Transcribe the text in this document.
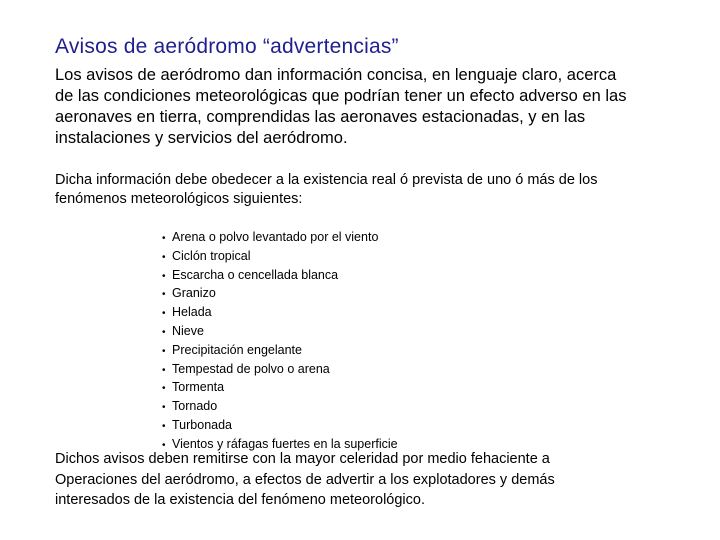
Avisos de aeródromo “advertencias”
Los avisos de aeródromo dan información concisa, en lenguaje claro, acerca
de las condiciones meteorológicas que podrían tener un efecto adverso en las
aeronaves en tierra, comprendidas las aeronaves estacionadas, y en las
instalaciones y servicios del aeródromo.
Dicha información debe obedecer a la existencia real ó prevista de uno ó más de los
fenómenos meteorológicos siguientes:
• Arena o polvo levantado por el viento
• Ciclón tropical
• Escarcha o cencellada blanca
• Granizo
• Helada
• Nieve
• Precipitación engelante
• Tempestad de polvo o arena
• Tormenta
• Tornado
• Turbonada
• Vientos y ráfagas fuertes en la superficie
Dichos avisos deben remitirse con la mayor celeridad por medio fehaciente a
Operaciones del aeródromo, a efectos de advertir a los explotadores y demás
interesados de la existencia del fenómeno meteorológico.
